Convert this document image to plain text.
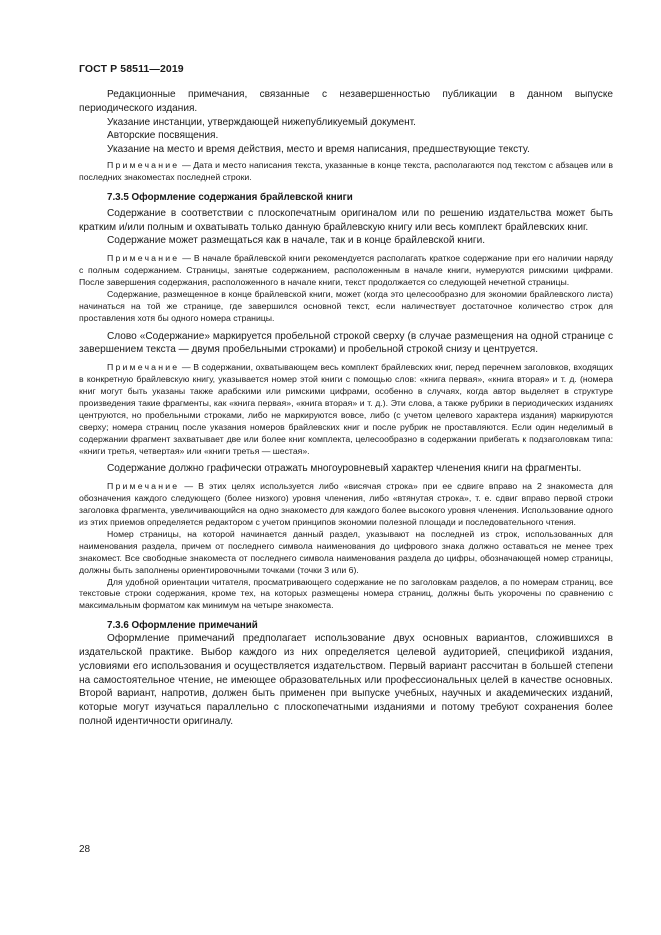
ГОСТ Р 58511—2019

Редакционные примечания, связанные с незавершенностью публикации в данном выпуске периодического издания.

Указание инстанции, утверждающей нижепубликуемый документ.

Авторские посвящения.

Указание на место и время действия, место и время написания, предшествующие тексту.

Примечание — Дата и место написания текста, указанные в конце текста, располагаются под текстом с абзацев или в последних знакоместах последней строки.

7.3.5 Оформление содержания брайлевской книги

Содержание в соответствии с плоскопечатным оригиналом или по решению издательства может быть кратким и/или полным и охватывать только данную брайлевскую книгу или весь комплект брайлевских книг.

Содержание может размещаться как в начале, так и в конце брайлевской книги.

Примечание — В начале брайлевской книги рекомендуется располагать краткое содержание при его наличии наряду с полным содержанием. Страницы, занятые содержанием, расположенным в начале книги, нумеруются римскими цифрами. После завершения содержания, расположенного в начале книги, текст продолжается со следующей нечетной страницы.

Содержание, размещенное в конце брайлевской книги, может (когда это целесообразно для экономии брайлевского листа) начинаться на той же странице, где завершился основной текст, если наличествует достаточное количество строк для проставления хотя бы одного номера страницы.

Слово «Содержание» маркируется пробельной строкой сверху (в случае размещения на одной странице с завершением текста — двумя пробельными строками) и пробельной строкой снизу и центруется.

Примечание — В содержании, охватывающем весь комплект брайлевских книг, перед перечнем заголовков, входящих в конкретную брайлевскую книгу, указывается номер этой книги с помощью слов: «книга первая», «книга вторая» и т. д. (номера книг могут быть указаны также арабскими или римскими цифрами, особенно в случаях, когда автор выделяет в структуре произведения такие фрагменты, как «книга первая», «книга вторая» и т. д.). Эти слова, а также рубрики в периодических изданиях центруются, но пробельными строками, либо не маркируются вовсе, либо (с учетом целевого характера издания) маркируются сверху; номера страниц после указания номеров брайлевских книг и после рубрик не проставляются. Если один неделимый в содержании фрагмент захватывает две или более книг комплекта, целесообразно в содержании прибегать к подзаголовкам типа: «книги третья, четвертая» или «книги третья — шестая».

Содержание должно графически отражать многоуровневый характер членения книги на фрагменты.

Примечание — В этих целях используется либо «висячая строка» при ее сдвиге вправо на 2 знакоместа для обозначения каждого следующего (более низкого) уровня членения, либо «втянутая строка», т. е. сдвиг вправо первой строки заголовка фрагмента, увеличивающийся на одно знакоместо для каждого более высокого уровня членения. Использование одного из этих приемов определяется редактором с учетом принципов экономии полезной площади и последовательного чтения.

Номер страницы, на которой начинается данный раздел, указывают на последней из строк, использованных для наименования раздела, причем от последнего символа наименования до цифрового знака должно оставаться не менее трех знакомест. Все свободные знакоместа от последнего символа наименования раздела до цифры, обозначающей номер страницы, должны быть заполнены ориентировочными точками (точки 3 или 6).

Для удобной ориентации читателя, просматривающего содержание не по заголовкам разделов, а по номерам страниц, все текстовые строки содержания, кроме тех, на которых размещены номера страниц, должны быть укорочены по сравнению с максимальным форматом как минимум на четыре знакоместа.

7.3.6 Оформление примечаний

Оформление примечаний предполагает использование двух основных вариантов, сложившихся в издательской практике. Выбор каждого из них определяется целевой аудиторией, спецификой издания, условиями его использования и осуществляется издательством. Первый вариант рассчитан в большей степени на самостоятельное чтение, не имеющее образовательных или профессиональных целей в качестве основных. Второй вариант, напротив, должен быть применен при выпуске учебных, научных и академических изданий, которые могут изучаться параллельно с плоскопечатными изданиями и потому требуют сохранения более полной идентичности оригиналу.

28
